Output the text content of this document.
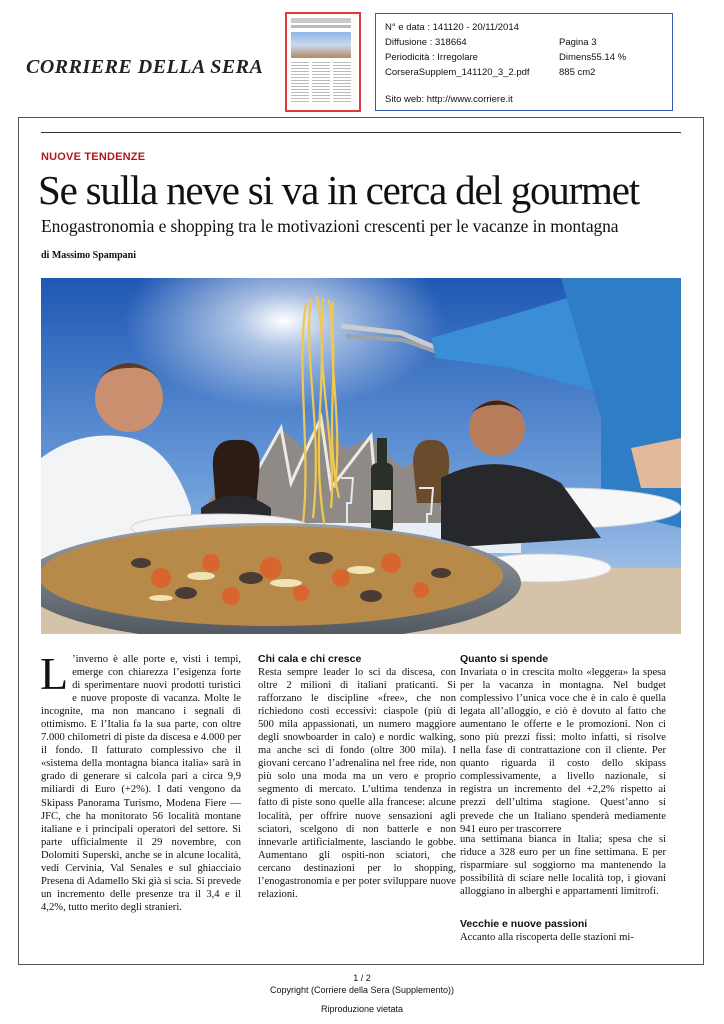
CORRIERE DELLA SERA
N° e data : 141120 - 20/11/2014
Diffusione : 318664
Periodicità : Irregolare
CorseraSupplem_141120_3_2.pdf
Sito web: http://www.corriere.it
Pagina 3
Dimens55.14 %
885 cm2
NUOVE TENDENZE
Se sulla neve si va in cerca del gourmet
Enogastronomia e shopping tra le motivazioni crescenti per le vacanze in montagna
di Massimo Spampani

L ’inverno è alle porte e, visti i tempi, emerge con chiarezza l’esigenza forte di sperimentare nuovi prodotti turistici e nuove proposte di vacanza. Molte le incognite, ma non mancano i segnali di ottimismo. E l’Italia fa la sua parte, con oltre 7.000 chilometri di piste da discesa e 4.000 per il fondo. Il fatturato complessivo che il «sistema della montagna bianca italia» sarà in grado di generare si calcola pari a circa 9,9 miliardi di Euro (+2%). I dati vengono da Skipass Panorama Turismo, Modena Fiere — JFC, che ha monitorato 56 località montane italiane e i principali operatori del settore. Si parte ufficialmente il 29 novembre, con Dolomiti Superski, anche se in alcune località, vedi Cervinia, Val Senales e sul ghiacciaio Presena di Adamello Ski già si scia. Si prevede un incremento delle presenze tra il 3,4 e il 4,2%, tutto merito degli stranieri.

Chi cala e chi cresce

Resta sempre leader lo sci da discesa, con oltre 2 milioni di italiani praticanti. Si rafforzano le discipline «free», che non richiedono costi eccessivi: ciaspole (più di 500 mila appassionati, un numero maggiore degli snowboarder in calo) e nordic walking, ma anche sci di fondo (oltre 300 mila). I giovani cercano l’adrenalina nel free ride, non più solo una moda ma un vero e proprio segmento di mercato. L’ultima tendenza in fatto di piste sono quelle alla francese: alcune località, per offrire nuove sensazioni agli sciatori, scelgono di non batterle e non innevarle artificialmente, lasciando le gobbe. Aumentano gli ospiti-non sciatori, che cercano destinazioni per lo shopping, l’enogastronomia e per poter sviluppare nuove relazioni.

Quanto si spende

Invariata o in crescita molto «leggera» la spesa per la vacanza in montagna. Nel budget complessivo l’unica voce che è in calo è quella legata all’alloggio, e ciò è dovuto al fatto che aumentano le offerte e le promozioni. Non ci sono più prezzi fissi: molto infatti, si risolve nella fase di contrattazione con il cliente. Per quanto riguarda il costo dello skipass complessivamente, a livello nazionale, si registra un incremento del +2,2% rispetto ai prezzi dell’ultima stagione. Quest’anno si prevede che un Italiano spenderà mediamente 941 euro per trascorrere

una settimana bianca in Italia; spesa che si riduce a 328 euro per un fine settimana. E per risparmiare sul soggiorno ma mantenendo la possibilità di sciare nelle località top, i giovani alloggiano in alberghi e appartamenti limitrofi.

Vecchie e nuove passioni

Accanto alla riscoperta delle stazioni mi-

1 / 2
Copyright (Corriere della Sera (Supplemento))
Riproduzione vietata
